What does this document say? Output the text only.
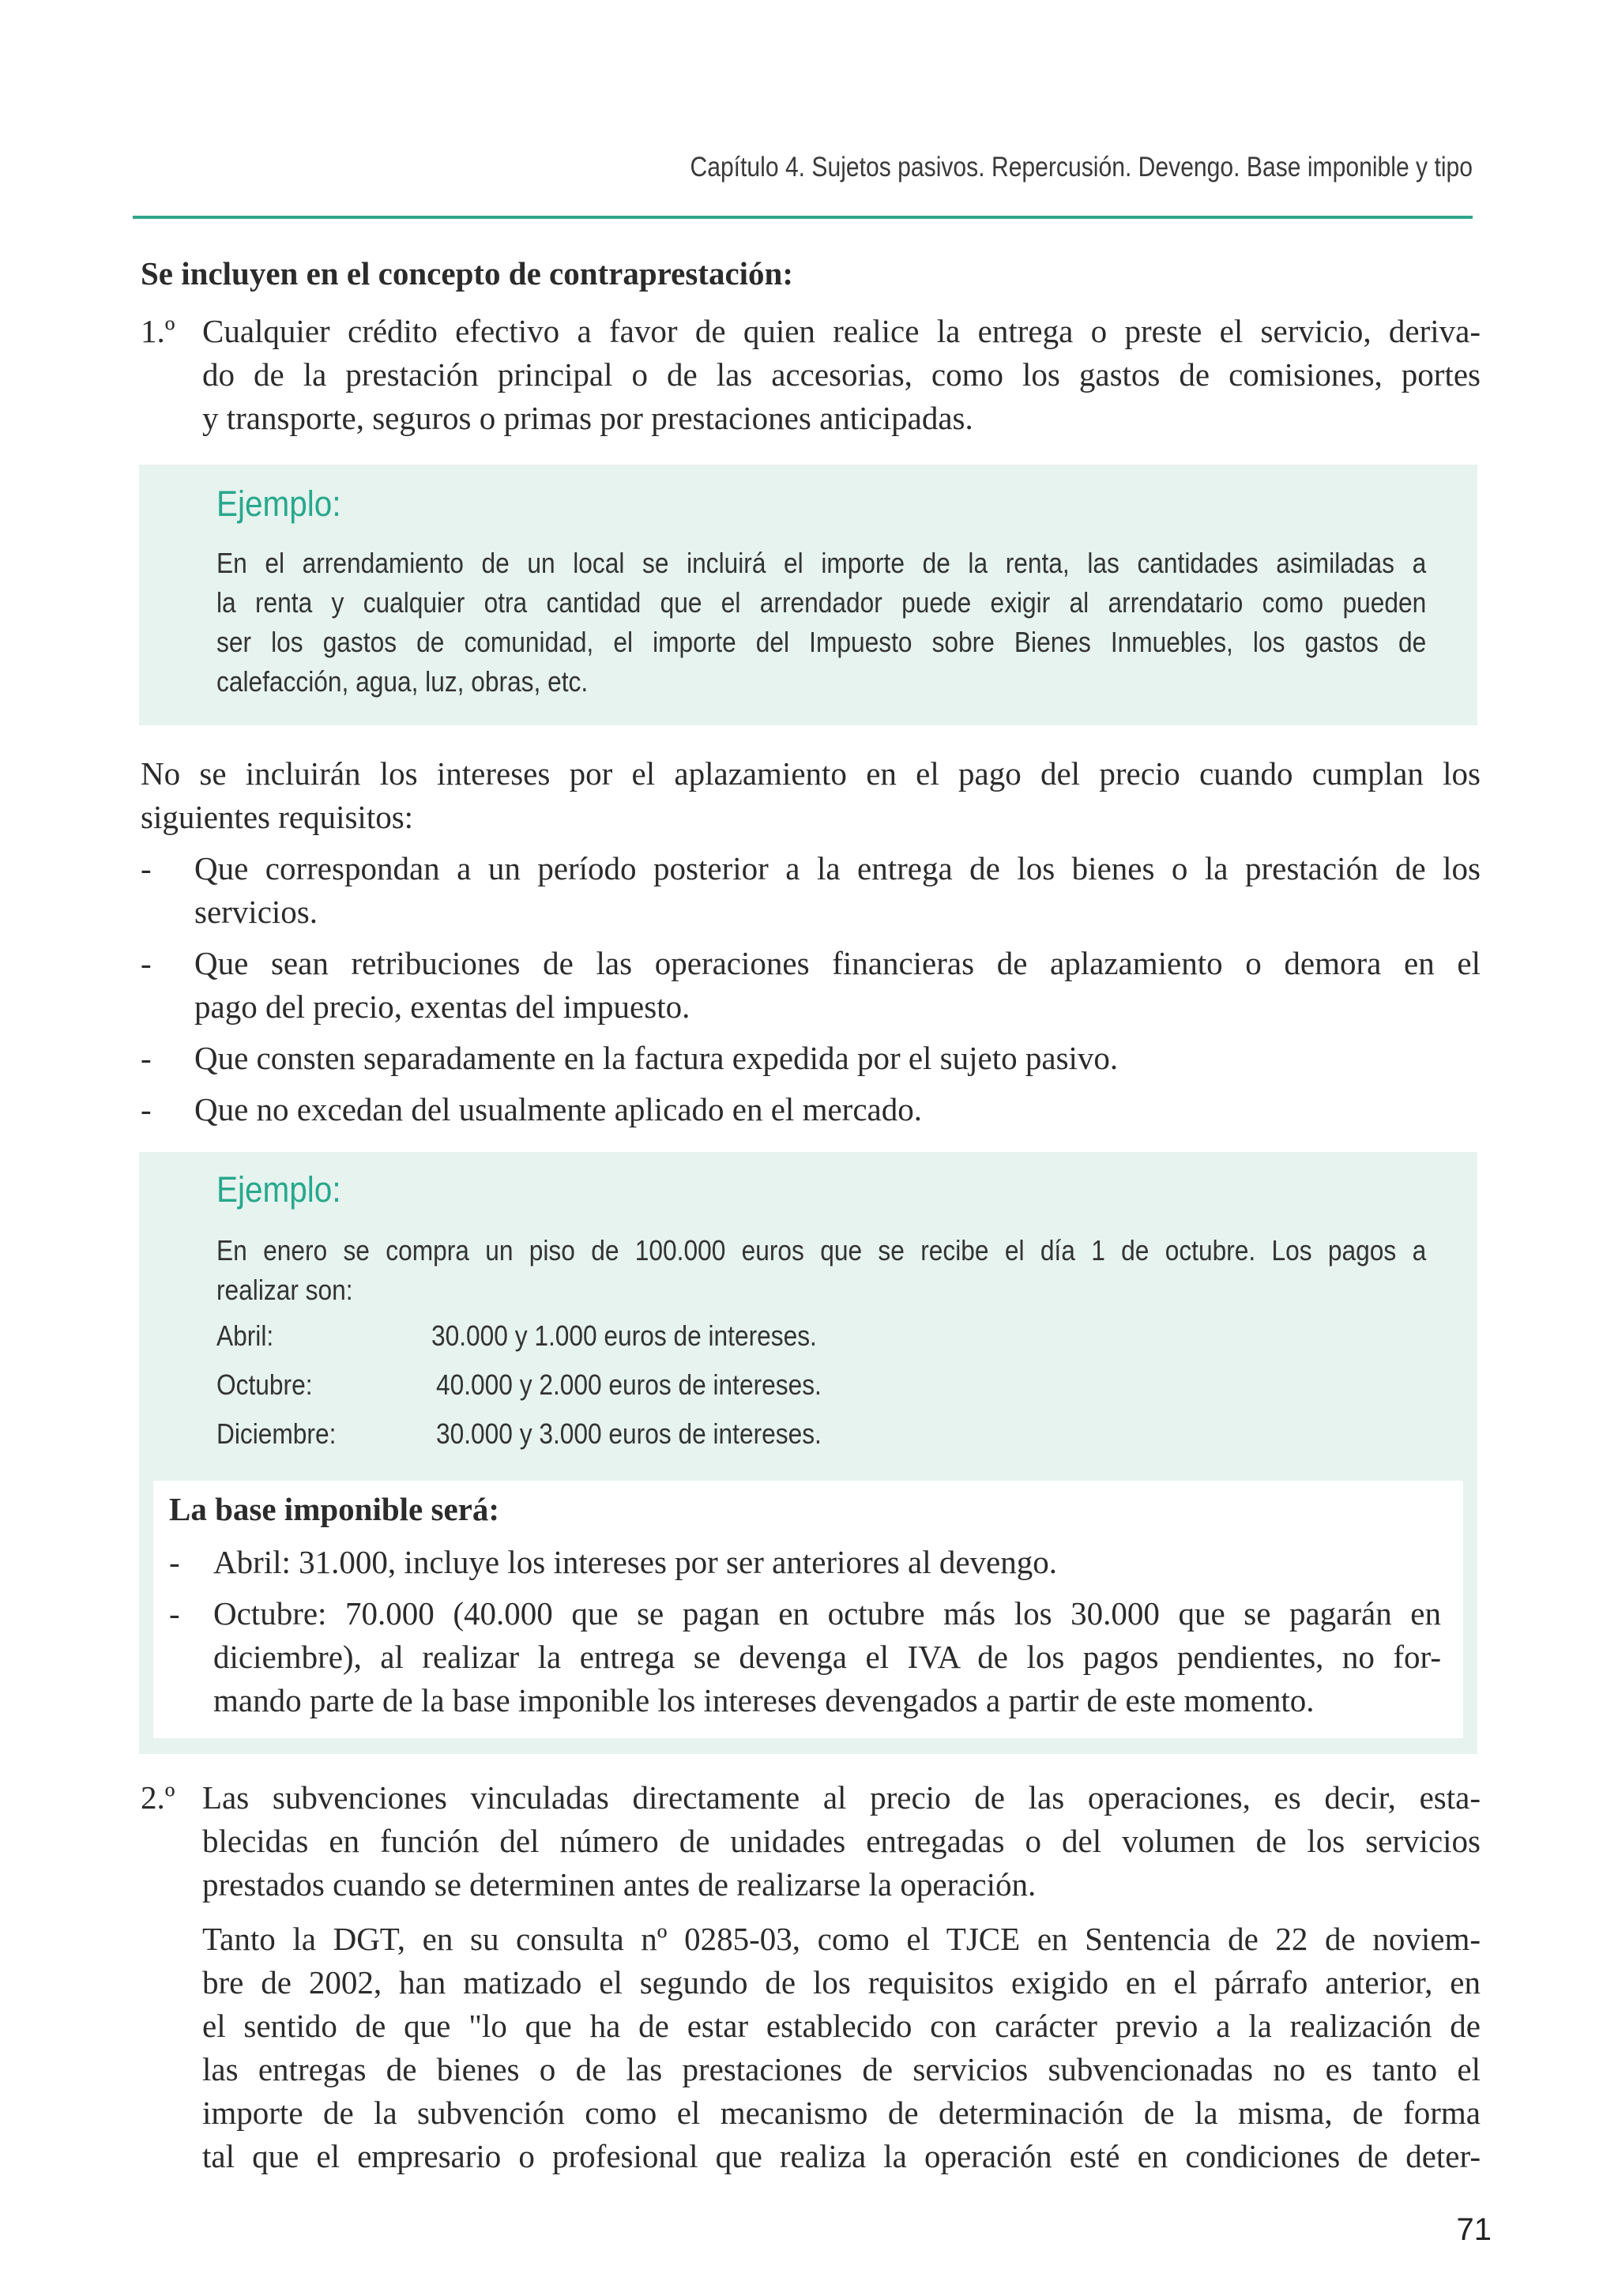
Capítulo 4. Sujetos pasivos. Repercusión. Devengo. Base imponible y tipo
Se incluyen en el concepto de contraprestación:
1.º Cualquier crédito efectivo a favor de quien realice la entrega o preste el servicio, deriva-
do de la prestación principal o de las accesorias, como los gastos de comisiones, portes
y transporte, seguros o primas por prestaciones anticipadas.
Ejemplo:
En el arrendamiento de un local se incluirá el importe de la renta, las cantidades asimiladas a
la renta y cualquier otra cantidad que el arrendador puede exigir al arrendatario como pueden
ser los gastos de comunidad, el importe del Impuesto sobre Bienes Inmuebles, los gastos de
calefacción, agua, luz, obras, etc.
No se incluirán los intereses por el aplazamiento en el pago del precio cuando cumplan los
siguientes requisitos:
- Que correspondan a un período posterior a la entrega de los bienes o la prestación de los
servicios.
- Que sean retribuciones de las operaciones financieras de aplazamiento o demora en el
pago del precio, exentas del impuesto.
- Que consten separadamente en la factura expedida por el sujeto pasivo.
- Que no excedan del usualmente aplicado en el mercado.
Ejemplo:
En enero se compra un piso de 100.000 euros que se recibe el día 1 de octubre. Los pagos a
realizar son:
Abril:	30.000 y 1.000 euros de intereses.
Octubre:	40.000 y 2.000 euros de intereses.
Diciembre:	30.000 y 3.000 euros de intereses.
La base imponible será:
- Abril: 31.000, incluye los intereses por ser anteriores al devengo.
- Octubre: 70.000 (40.000 que se pagan en octubre más los 30.000 que se pagarán en
diciembre), al realizar la entrega se devenga el IVA de los pagos pendientes, no for-
mando parte de la base imponible los intereses devengados a partir de este momento.
2.º Las subvenciones vinculadas directamente al precio de las operaciones, es decir, esta-
blecidas en función del número de unidades entregadas o del volumen de los servicios
prestados cuando se determinen antes de realizarse la operación.
Tanto la DGT, en su consulta nº 0285-03, como el TJCE en Sentencia de 22 de noviem-
bre de 2002, han matizado el segundo de los requisitos exigido en el párrafo anterior, en
el sentido de que "lo que ha de estar establecido con carácter previo a la realización de
las entregas de bienes o de las prestaciones de servicios subvencionadas no es tanto el
importe de la subvención como el mecanismo de determinación de la misma, de forma
tal que el empresario o profesional que realiza la operación esté en condiciones de deter-
71
